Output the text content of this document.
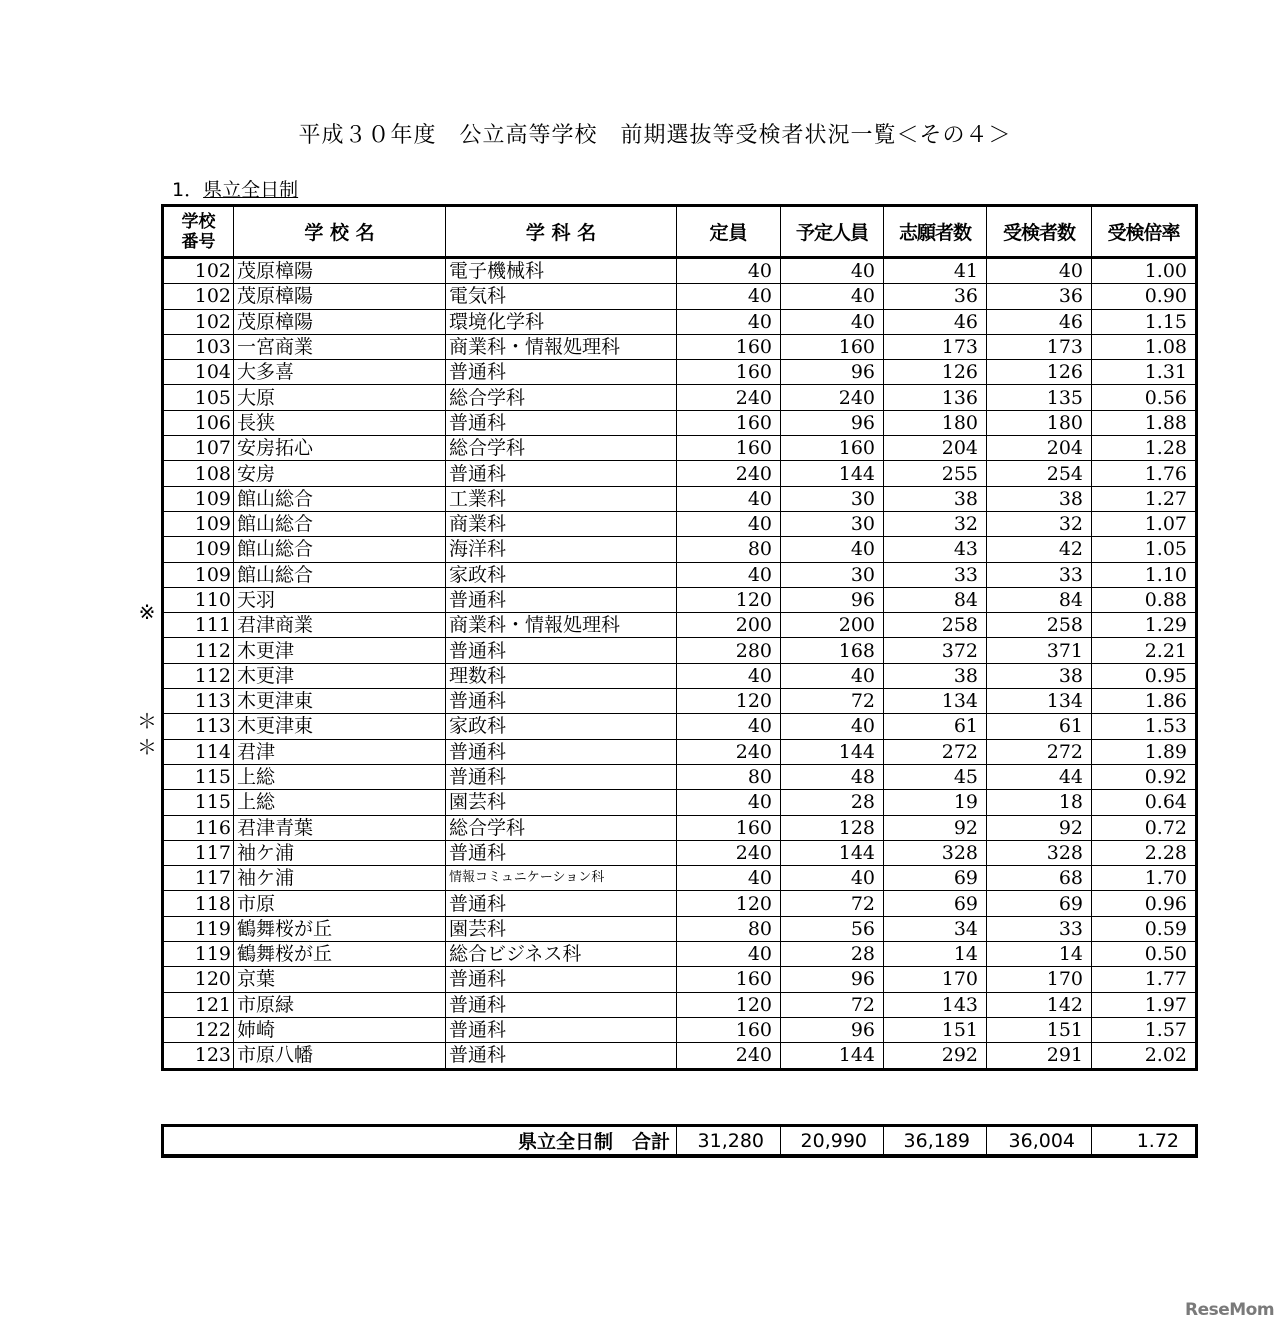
平成３０年度　公立高等学校　前期選抜等受検者状況一覧＜その４＞
1．県立全日制
学校
番号	学 校 名	学 科 名	定員	予定人員	志願者数	受検者数	受検倍率
102	茂原樟陽	電子機械科	40	40	41	40	1.00
102	茂原樟陽	電気科	40	40	36	36	0.90
102	茂原樟陽	環境化学科	40	40	46	46	1.15
103	一宮商業	商業科・情報処理科	160	160	173	173	1.08
104	大多喜	普通科	160	96	126	126	1.31
105	大原	総合学科	240	240	136	135	0.56
106	長狭	普通科	160	96	180	180	1.88
107	安房拓心	総合学科	160	160	204	204	1.28
108	安房	普通科	240	144	255	254	1.76
109	館山総合	工業科	40	30	38	38	1.27
109	館山総合	商業科	40	30	32	32	1.07
109	館山総合	海洋科	80	40	43	42	1.05
109	館山総合	家政科	40	30	33	33	1.10
110	天羽	普通科	120	96	84	84	0.88
111	君津商業	商業科・情報処理科	200	200	258	258	1.29
112	木更津	普通科	280	168	372	371	2.21
112	木更津	理数科	40	40	38	38	0.95
113	木更津東	普通科	120	72	134	134	1.86
113	木更津東	家政科	40	40	61	61	1.53
114	君津	普通科	240	144	272	272	1.89
115	上総	普通科	80	48	45	44	0.92
115	上総	園芸科	40	28	19	18	0.64
116	君津青葉	総合学科	160	128	92	92	0.72
117	袖ケ浦	普通科	240	144	328	328	2.28
117	袖ケ浦	情報コミュニケーション科	40	40	69	68	1.70
118	市原	普通科	120	72	69	69	0.96
119	鶴舞桜が丘	園芸科	80	56	34	33	0.59
119	鶴舞桜が丘	総合ビジネス科	40	28	14	14	0.50
120	京葉	普通科	160	96	170	170	1.77
121	市原緑	普通科	120	72	143	142	1.97
122	姉崎	普通科	160	96	151	151	1.57
123	市原八幡	普通科	240	144	292	291	2.02
※
＊
＊
県立全日制　合計	31,280	20,990	36,189	36,004	1.72
ReseMom
